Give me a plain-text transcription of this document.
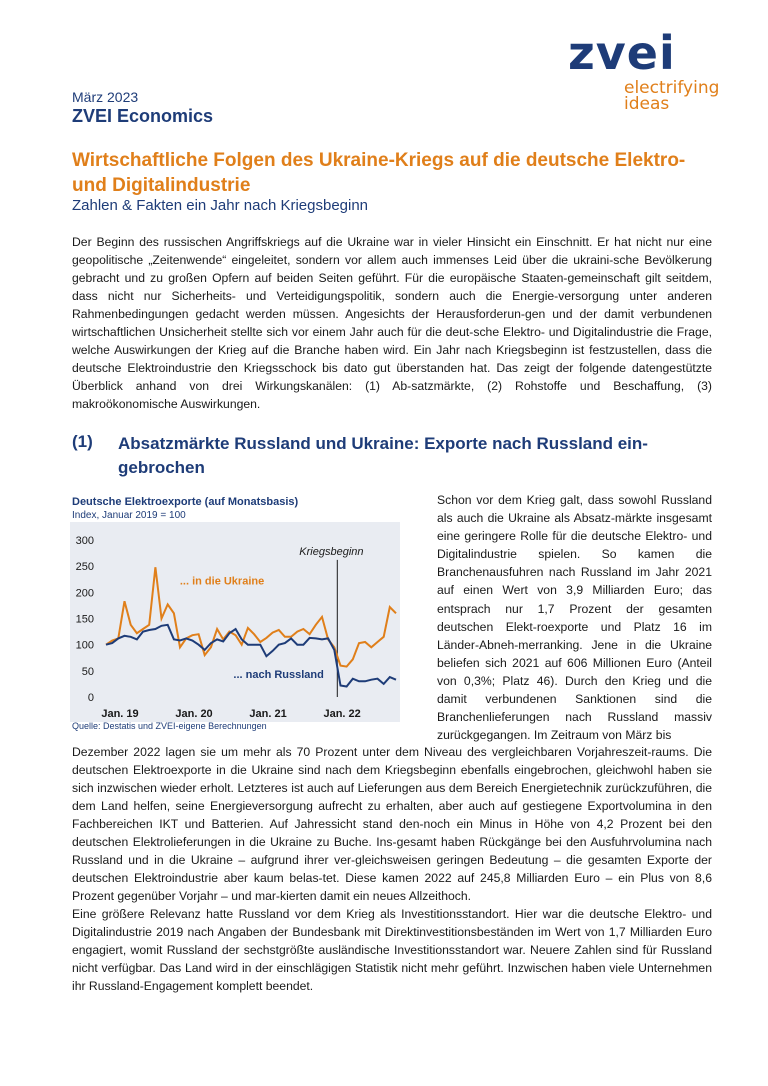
zvei
electrifying
ideas
März 2023
ZVEI Economics
Wirtschaftliche Folgen des Ukraine-Kriegs auf die deutsche Elektro- und Digitalindustrie
Zahlen & Fakten ein Jahr nach Kriegsbeginn

Der Beginn des russischen Angriffskriegs auf die Ukraine war in vieler Hinsicht ein Einschnitt. Er hat nicht nur eine geopolitische „Zeitenwende“ eingeleitet, sondern vor allem auch immenses Leid über die ukraini-sche Bevölkerung gebracht und zu großen Opfern auf beiden Seiten geführt. Für die europäische Staaten-gemeinschaft gilt seitdem, dass nicht nur Sicherheits- und Verteidigungspolitik, sondern auch die Energie-versorgung unter anderen Rahmenbedingungen gedacht werden müssen. Angesichts der Herausforderun-gen und der damit verbundenen wirtschaftlichen Unsicherheit stellte sich vor einem Jahr auch für die deut-sche Elektro- und Digitalindustrie die Frage, welche Auswirkungen der Krieg auf die Branche haben wird. Ein Jahr nach Kriegsbeginn ist festzustellen, dass die deutsche Elektroindustrie den Kriegsschock bis dato gut überstanden hat. Das zeigt der folgende datengestützte Überblick anhand von drei Wirkungskanälen: (1) Ab-satzmärkte, (2) Rohstoffe und Beschaffung, (3) makroökonomische Auswirkungen.

(1) Absatzmärkte Russland und Ukraine: Exporte nach Russland ein-gebrochen
Deutsche Elektroexporte (auf Monatsbasis)
Index, Januar 2019 = 100
0
50
100
150
200
250
300
Jan. 19	Jan. 20	Jan. 21	Jan. 22
Kriegsbeginn
... in die Ukraine
... nach Russland
Quelle: Destatis und ZVEI-eigene Berechnungen

Schon vor dem Krieg galt, dass sowohl Russland als auch die Ukraine als Absatz-märkte insgesamt eine geringere Rolle für die deutsche Elektro- und Digitalindustrie spielen. So kamen die Branchenausfuhren nach Russland im Jahr 2021 auf einen Wert von 3,9 Milliarden Euro; das entsprach nur 1,7 Prozent der gesamten deutschen Elekt-roexporte und Platz 16 im Länder-Abneh-merranking. Jene in die Ukraine beliefen sich 2021 auf 606 Millionen Euro (Anteil von 0,3%; Platz 46). Durch den Krieg und die damit verbundenen Sanktionen sind die Branchenlieferungen nach Russland massiv zurückgegangen. Im Zeitraum von März bis

Dezember 2022 lagen sie um mehr als 70 Prozent unter dem Niveau des vergleichbaren Vorjahreszeit-raums. Die deutschen Elektroexporte in die Ukraine sind nach dem Kriegsbeginn ebenfalls eingebrochen, gleichwohl haben sie sich inzwischen wieder erholt. Letzteres ist auch auf Lieferungen aus dem Bereich Energietechnik zurückzuführen, die dem Land helfen, seine Energieversorgung aufrecht zu erhalten, aber auch auf gestiegene Exportvolumina in den Fachbereichen IKT und Batterien. Auf Jahressicht stand den-noch ein Minus in Höhe von 4,2 Prozent bei den deutschen Elektrolieferungen in die Ukraine zu Buche. Ins-gesamt haben Rückgänge bei den Ausfuhrvolumina nach Russland und in die Ukraine – aufgrund ihrer ver-gleichsweisen geringen Bedeutung – die gesamten Exporte der deutschen Elektroindustrie aber kaum belas-tet. Diese kamen 2022 auf 245,8 Milliarden Euro – ein Plus von 8,6 Prozent gegenüber Vorjahr – und mar-kierten damit ein neues Allzeithoch.

Eine größere Relevanz hatte Russland vor dem Krieg als Investitionsstandort. Hier war die deutsche Elektro- und Digitalindustrie 2019 nach Angaben der Bundesbank mit Direktinvestitionsbeständen im Wert von 1,7 Milliarden Euro engagiert, womit Russland der sechstgrößte ausländische Investitionsstandort war. Neuere Zahlen sind für Russland nicht verfügbar. Das Land wird in der einschlägigen Statistik nicht mehr geführt. Inzwischen haben viele Unternehmen ihr Russland-Engagement komplett beendet.
